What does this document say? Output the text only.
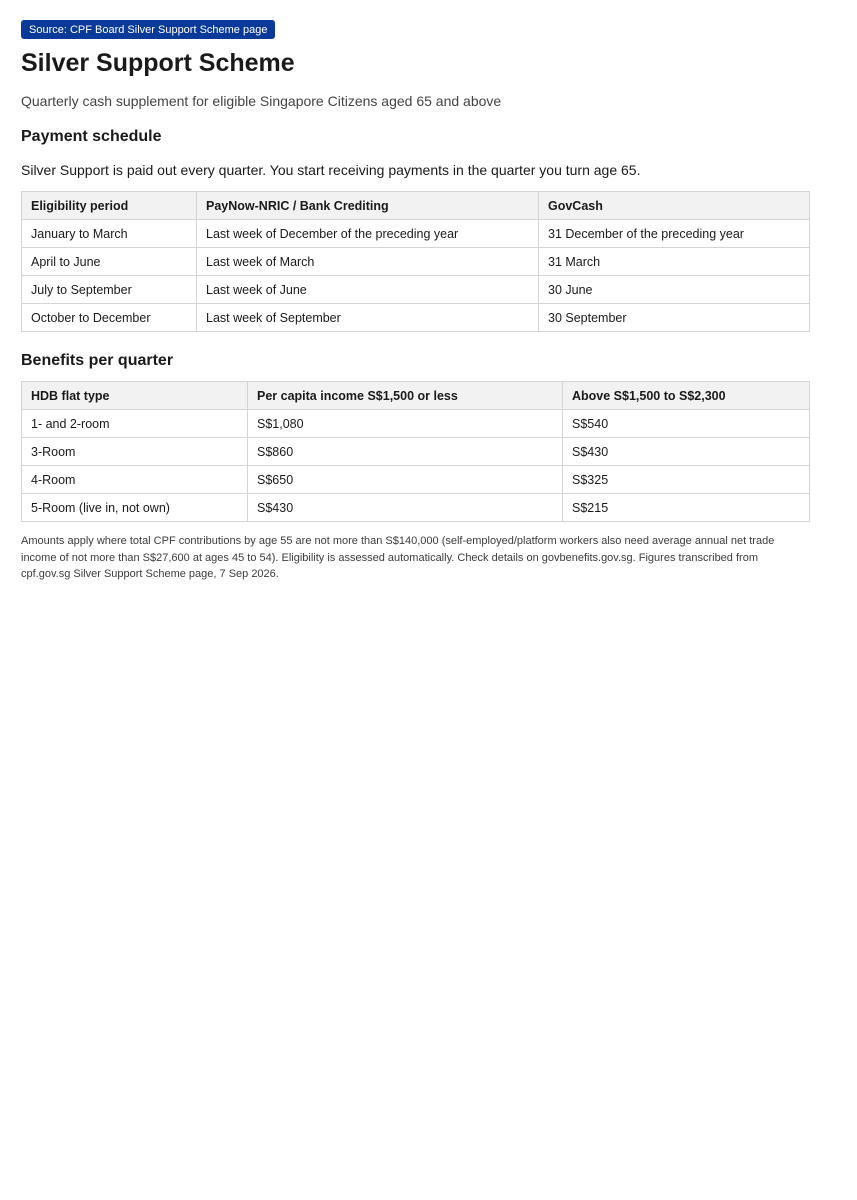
Source: CPF Board Silver Support Scheme page
Silver Support Scheme

Quarterly cash supplement for eligible Singapore Citizens aged 65 and above

Payment schedule

Silver Support is paid out every quarter. You start receiving payments in the quarter you turn age 65.

Eligibility period	PayNow-NRIC / Bank Crediting	GovCash
January to March	Last week of December of the preceding year	31 December of the preceding year
April to June	Last week of March	31 March
July to September	Last week of June	30 June
October to December	Last week of September	30 September
Benefits per quarter
HDB flat type	Per capita income S$1,500 or less	Above S$1,500 to S$2,300
1- and 2-room	S$1,080	S$540
3-Room	S$860	S$430
4-Room	S$650	S$325
5-Room (live in, not own)	S$430	S$215

Amounts apply where total CPF contributions by age 55 are not more than S$140,000 (self-employed/platform workers also need average annual net trade income of not more than S$27,600 at ages 45 to 54). Eligibility is assessed automatically. Check details on govbenefits.gov.sg. Figures transcribed from cpf.gov.sg Silver Support Scheme page, 7 Sep 2026.
